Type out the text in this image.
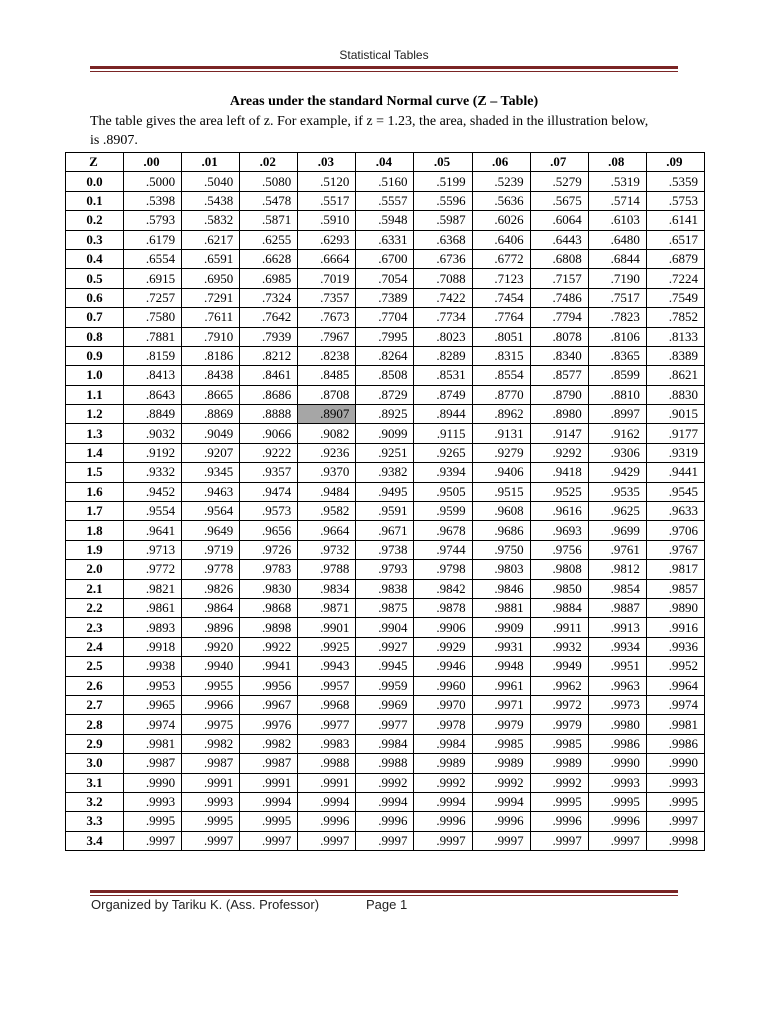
Statistical Tables
Areas under the standard Normal curve (Z – Table)
The table gives the area left of z. For example, if z = 1.23, the area, shaded in the illustration below, is .8907.
Z	.00	.01	.02	.03	.04	.05	.06	.07	.08	.09
0.0	.5000	.5040	.5080	.5120	.5160	.5199	.5239	.5279	.5319	.5359
0.1	.5398	.5438	.5478	.5517	.5557	.5596	.5636	.5675	.5714	.5753
0.2	.5793	.5832	.5871	.5910	.5948	.5987	.6026	.6064	.6103	.6141
0.3	.6179	.6217	.6255	.6293	.6331	.6368	.6406	.6443	.6480	.6517
0.4	.6554	.6591	.6628	.6664	.6700	.6736	.6772	.6808	.6844	.6879
0.5	.6915	.6950	.6985	.7019	.7054	.7088	.7123	.7157	.7190	.7224
0.6	.7257	.7291	.7324	.7357	.7389	.7422	.7454	.7486	.7517	.7549
0.7	.7580	.7611	.7642	.7673	.7704	.7734	.7764	.7794	.7823	.7852
0.8	.7881	.7910	.7939	.7967	.7995	.8023	.8051	.8078	.8106	.8133
0.9	.8159	.8186	.8212	.8238	.8264	.8289	.8315	.8340	.8365	.8389
1.0	.8413	.8438	.8461	.8485	.8508	.8531	.8554	.8577	.8599	.8621
1.1	.8643	.8665	.8686	.8708	.8729	.8749	.8770	.8790	.8810	.8830
1.2	.8849	.8869	.8888	.8907	.8925	.8944	.8962	.8980	.8997	.9015
1.3	.9032	.9049	.9066	.9082	.9099	.9115	.9131	.9147	.9162	.9177
1.4	.9192	.9207	.9222	.9236	.9251	.9265	.9279	.9292	.9306	.9319
1.5	.9332	.9345	.9357	.9370	.9382	.9394	.9406	.9418	.9429	.9441
1.6	.9452	.9463	.9474	.9484	.9495	.9505	.9515	.9525	.9535	.9545
1.7	.9554	.9564	.9573	.9582	.9591	.9599	.9608	.9616	.9625	.9633
1.8	.9641	.9649	.9656	.9664	.9671	.9678	.9686	.9693	.9699	.9706
1.9	.9713	.9719	.9726	.9732	.9738	.9744	.9750	.9756	.9761	.9767
2.0	.9772	.9778	.9783	.9788	.9793	.9798	.9803	.9808	.9812	.9817
2.1	.9821	.9826	.9830	.9834	.9838	.9842	.9846	.9850	.9854	.9857
2.2	.9861	.9864	.9868	.9871	.9875	.9878	.9881	.9884	.9887	.9890
2.3	.9893	.9896	.9898	.9901	.9904	.9906	.9909	.9911	.9913	.9916
2.4	.9918	.9920	.9922	.9925	.9927	.9929	.9931	.9932	.9934	.9936
2.5	.9938	.9940	.9941	.9943	.9945	.9946	.9948	.9949	.9951	.9952
2.6	.9953	.9955	.9956	.9957	.9959	.9960	.9961	.9962	.9963	.9964
2.7	.9965	.9966	.9967	.9968	.9969	.9970	.9971	.9972	.9973	.9974
2.8	.9974	.9975	.9976	.9977	.9977	.9978	.9979	.9979	.9980	.9981
2.9	.9981	.9982	.9982	.9983	.9984	.9984	.9985	.9985	.9986	.9986
3.0	.9987	.9987	.9987	.9988	.9988	.9989	.9989	.9989	.9990	.9990
3.1	.9990	.9991	.9991	.9991	.9992	.9992	.9992	.9992	.9993	.9993
3.2	.9993	.9993	.9994	.9994	.9994	.9994	.9994	.9995	.9995	.9995
3.3	.9995	.9995	.9995	.9996	.9996	.9996	.9996	.9996	.9996	.9997
3.4	.9997	.9997	.9997	.9997	.9997	.9997	.9997	.9997	.9997	.9998
Organized by Tariku K. (Ass. Professor)	Page 1
